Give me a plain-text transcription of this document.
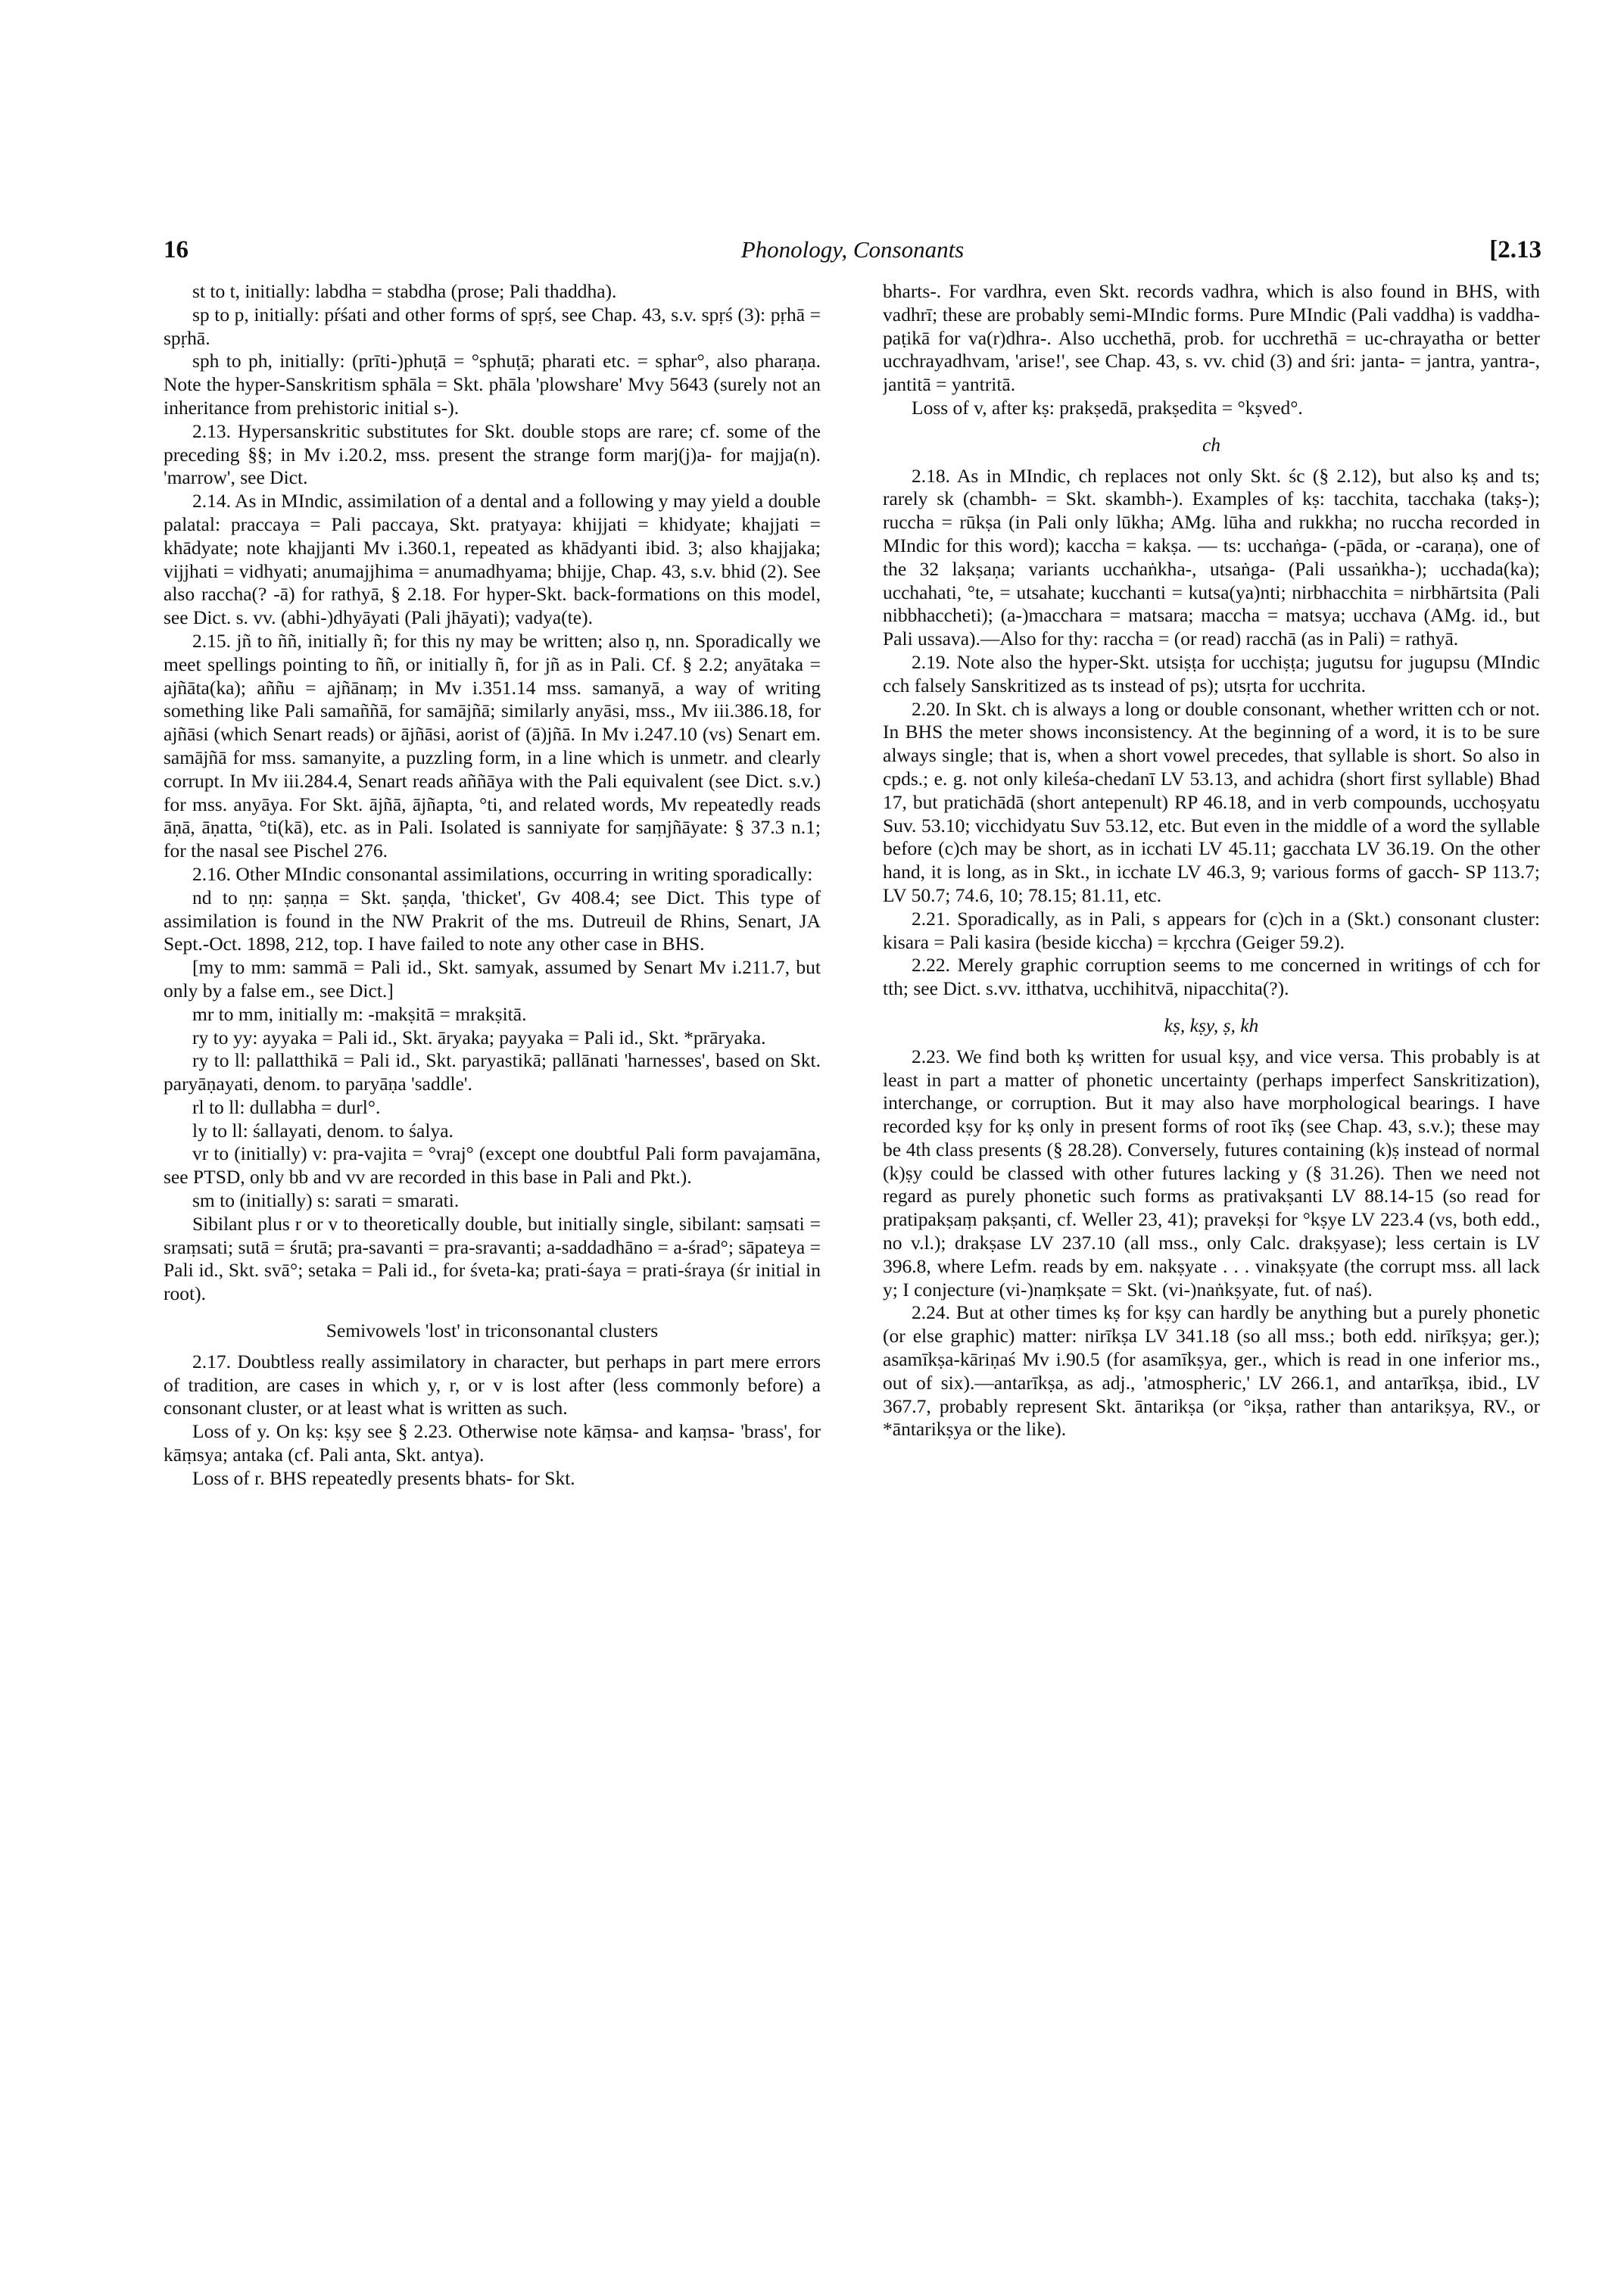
16	Phonology, Consonants	[2.13

st to t, initially: labdha = stabdha (prose; Pali thaddha).

sp to p, initially: pŕśati and other forms of spṛś, see Chap. 43, s.v. spṛś (3): pṛhā = spṛhā.

sph to ph, initially: (prīti-)phuṭā = °sphuṭā; pharati etc. = sphar°, also pharaṇa. Note the hyper-Sanskritism sphāla = Skt. phāla 'plowshare' Mvy 5643 (surely not an inheritance from prehistoric initial s-).

2.13. Hypersanskritic substitutes for Skt. double stops are rare; cf. some of the preceding §§; in Mv i.20.2, mss. present the strange form marj(j)a- for majja(n). 'marrow', see Dict.

2.14. As in MIndic, assimilation of a dental and a following y may yield a double palatal: praccaya = Pali paccaya, Skt. pratyaya: khijjati = khidyate; khajjati = khādyate; note khajjanti Mv i.360.1, repeated as khādyanti ibid. 3; also khajjaka; vijjhati = vidhyati; anumajjhima = anumadhyama; bhijje, Chap. 43, s.v. bhid (2). See also raccha(? -ā) for rathyā, § 2.18. For hyper-Skt. back-formations on this model, see Dict. s. vv. (abhi-)dhyāyati (Pali jhāyati); vadya(te).

2.15. jñ to ññ, initially ñ; for this ny may be written; also ṇ, nn. Sporadically we meet spellings pointing to ññ, or initially ñ, for jñ as in Pali. Cf. § 2.2; anyātaka = ajñāta(ka); aññu = ajñānaṃ; in Mv i.351.14 mss. samanyā, a way of writing something like Pali samaññā, for samājñā; similarly anyāsi, mss., Mv iii.386.18, for ajñāsi (which Senart reads) or ājñāsi, aorist of (ā)jñā. In Mv i.247.10 (vs) Senart em. samājñā for mss. samanyite, a puzzling form, in a line which is unmetr. and clearly corrupt. In Mv iii.284.4, Senart reads aññāya with the Pali equivalent (see Dict. s.v.) for mss. anyāya. For Skt. ājñā, ājñapta, °ti, and related words, Mv repeatedly reads āṇā, āṇatta, °ti(kā), etc. as in Pali. Isolated is sanniyate for saṃjñāyate: § 37.3 n.1; for the nasal see Pischel 276.

2.16. Other MIndic consonantal assimilations, occurring in writing sporadically:

nd to ṇṇ: ṣaṇṇa = Skt. ṣaṇḍa, 'thicket', Gv 408.4; see Dict. This type of assimilation is found in the NW Prakrit of the ms. Dutreuil de Rhins, Senart, JA Sept.-Oct. 1898, 212, top. I have failed to note any other case in BHS.

[my to mm: sammā = Pali id., Skt. samyak, assumed by Senart Mv i.211.7, but only by a false em., see Dict.]

mr to mm, initially m: -makṣitā = mrakṣitā.

ry to yy: ayyaka = Pali id., Skt. āryaka; payyaka = Pali id., Skt. *prāryaka.

ry to ll: pallatthikā = Pali id., Skt. paryastikā; pallānati 'harnesses', based on Skt. paryāṇayati, denom. to paryāṇa 'saddle'.

rl to ll: dullabha = durl°.

ly to ll: śallayati, denom. to śalya.

vr to (initially) v: pra-vajita = °vraj° (except one doubtful Pali form pavajamāna, see PTSD, only bb and vv are recorded in this base in Pali and Pkt.).

sm to (initially) s: sarati = smarati.

Sibilant plus r or v to theoretically double, but initially single, sibilant: saṃsati = sraṃsati; sutā = śrutā; pra-savanti = pra-sravanti; a-saddadhāno = a-śrad°; sāpateya = Pali id., Skt. svā°; setaka = Pali id., for śveta-ka; prati-śaya = prati-śraya (śr initial in root).

Semivowels 'lost' in triconsonantal clusters

2.17. Doubtless really assimilatory in character, but perhaps in part mere errors of tradition, are cases in which y, r, or v is lost after (less commonly before) a consonant cluster, or at least what is written as such.

Loss of y. On kṣ: kṣy see § 2.23. Otherwise note kāṃsa- and kaṃsa- 'brass', for kāṃsya; antaka (cf. Pali anta, Skt. antya).

Loss of r. BHS repeatedly presents bhats- for Skt.

bharts-. For vardhra, even Skt. records vadhra, which is also found in BHS, with vadhrī; these are probably semi-MIndic forms. Pure MIndic (Pali vaddha) is vaddha-paṭikā for va(r)dhra-. Also ucchethā, prob. for ucchrethā = uc-chrayatha or better ucchrayadhvam, 'arise!', see Chap. 43, s. vv. chid (3) and śri: janta- = jantra, yantra-, jantitā = yantritā.

Loss of v, after kṣ: prakṣedā, prakṣedita = °kṣved°.

ch

2.18. As in MIndic, ch replaces not only Skt. śc (§ 2.12), but also kṣ and ts; rarely sk (chambh- = Skt. skambh-). Examples of kṣ: tacchita, tacchaka (takṣ-); ruccha = rūkṣa (in Pali only lūkha; AMg. lūha and rukkha; no ruccha recorded in MIndic for this word); kaccha = kakṣa. — ts: ucchaṅga- (-pāda, or -caraṇa), one of the 32 lakṣaṇa; variants ucchaṅkha-, utsaṅga- (Pali ussaṅkha-); ucchada(ka); ucchahati, °te, = utsahate; kucchanti = kutsa(ya)nti; nirbhacchita = nirbhārtsita (Pali nibbhaccheti); (a-)macchara = matsara; maccha = matsya; ucchava (AMg. id., but Pali ussava).—Also for thy: raccha = (or read) racchā (as in Pali) = rathyā.

2.19. Note also the hyper-Skt. utsiṣṭa for ucchiṣṭa; jugutsu for jugupsu (MIndic cch falsely Sanskritized as ts instead of ps); utsṛta for ucchrita.

2.20. In Skt. ch is always a long or double consonant, whether written cch or not. In BHS the meter shows inconsistency. At the beginning of a word, it is to be sure always single; that is, when a short vowel precedes, that syllable is short. So also in cpds.; e. g. not only kileśa-chedanī LV 53.13, and achidra (short first syllable) Bhad 17, but pratichādā (short antepenult) RP 46.18, and in verb compounds, ucchoṣyatu Suv. 53.10; vicchidyatu Suv 53.12, etc. But even in the middle of a word the syllable before (c)ch may be short, as in icchati LV 45.11; gacchata LV 36.19. On the other hand, it is long, as in Skt., in icchate LV 46.3, 9; various forms of gacch- SP 113.7; LV 50.7; 74.6, 10; 78.15; 81.11, etc.

2.21. Sporadically, as in Pali, s appears for (c)ch in a (Skt.) consonant cluster: kisara = Pali kasira (beside kiccha) = kṛcchra (Geiger 59.2).

2.22. Merely graphic corruption seems to me concerned in writings of cch for tth; see Dict. s.vv. itthatva, ucchihitvā, nipacchita(?).

kṣ, kṣy, ṣ, kh

2.23. We find both kṣ written for usual kṣy, and vice versa. This probably is at least in part a matter of phonetic uncertainty (perhaps imperfect Sanskritization), interchange, or corruption. But it may also have morphological bearings. I have recorded kṣy for kṣ only in present forms of root īkṣ (see Chap. 43, s.v.); these may be 4th class presents (§ 28.28). Conversely, futures containing (k)ṣ instead of normal (k)ṣy could be classed with other futures lacking y (§ 31.26). Then we need not regard as purely phonetic such forms as prativakṣanti LV 88.14-15 (so read for pratipakṣaṃ pakṣanti, cf. Weller 23, 41); pravekṣi for °kṣye LV 223.4 (vs, both edd., no v.l.); drakṣase LV 237.10 (all mss., only Calc. drakṣyase); less certain is LV 396.8, where Lefm. reads by em. nakṣyate . . . vinakṣyate (the corrupt mss. all lack y; I conjecture (vi-)naṃkṣate = Skt. (vi-)naṅkṣyate, fut. of naś).

2.24. But at other times kṣ for kṣy can hardly be anything but a purely phonetic (or else graphic) matter: nirīkṣa LV 341.18 (so all mss.; both edd. nirīkṣya; ger.); asamīkṣa-kāriṇaś Mv i.90.5 (for asamīkṣya, ger., which is read in one inferior ms., out of six).—antarīkṣa, as adj., 'atmospheric,' LV 266.1, and antarīkṣa, ibid., LV 367.7, probably represent Skt. āntarikṣa (or °ikṣa, rather than antarikṣya, RV., or *āntarikṣya or the like).
